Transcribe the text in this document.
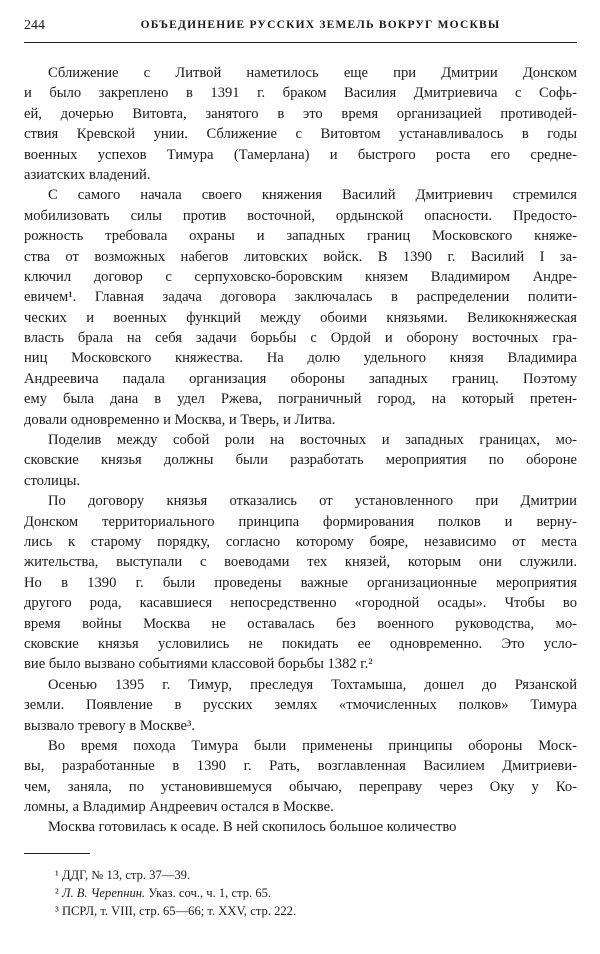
244	ОБЪЕДИНЕНИЕ РУССКИХ ЗЕМЕЛЬ ВОКРУГ МОСКВЫ
Сближение с Литвой наметилось еще при Дмитрии Донском
и было закреплено в 1391 г. браком Василия Дмитриевича с Софь-
ей, дочерью Витовта, занятого в это время организацией противодей-
ствия Кревской унии. Сближение с Витовтом устанавливалось в годы
военных успехов Тимура (Тамерлана) и быстрого роста его средне-
азиатских владений.
С самого начала своего княжения Василий Дмитриевич стремился
мобилизовать силы против восточной, ордынской опасности. Предосто-
рожность требовала охраны и западных границ Московского княже-
ства от возможных набегов литовских войск. В 1390 г. Василий I за-
ключил договор с серпуховско-боровским князем Владимиром Андре-
евичем¹. Главная задача договора заключалась в распределении полити-
ческих и военных функций между обоими князьями. Великокняжеская
власть брала на себя задачи борьбы с Ордой и оборону восточных гра-
ниц Московского княжества. На долю удельного князя Владимира
Андреевича падала организация обороны западных границ. Поэтому
ему была дана в удел Ржева, пограничный город, на который претен-
довали одновременно и Москва, и Тверь, и Литва.
Поделив между собой роли на восточных и западных границах, мо-
сковские князья должны были разработать мероприятия по обороне
столицы.
По договору князья отказались от установленного при Дмитрии
Донском территориального принципа формирования полков и верну-
лись к старому порядку, согласно которому бояре, независимо от места
жительства, выступали с воеводами тех князей, которым они служили.
Но в 1390 г. были проведены важные организационные мероприятия
другого рода, касавшиеся непосредственно «городной осады». Чтобы во
время войны Москва не оставалась без военного руководства, мо-
сковские князья условились не покидать ее одновременно. Это усло-
вие было вызвано событиями классовой борьбы 1382 г.²
Осенью 1395 г. Тимур, преследуя Тохтамыша, дошел до Рязанской
земли. Появление в русских землях «тмочисленных полков» Тимура
вызвало тревогу в Москве³.
Во время похода Тимура были применены принципы обороны Моск-
вы, разработанные в 1390 г. Рать, возглавленная Василием Дмитриеви-
чем, заняла, по установившемуся обычаю, переправу через Оку у Ко-
ломны, а Владимир Андреевич остался в Москве.
Москва готовилась к осаде. В ней скопилось большое количество
¹ ДДГ, № 13, стр. 37—39.
² Л. В. Черепнин. Указ. соч., ч. 1, стр. 65.
³ ПСРЛ, т. VIII, стр. 65—66; т. XXV, стр. 222.
